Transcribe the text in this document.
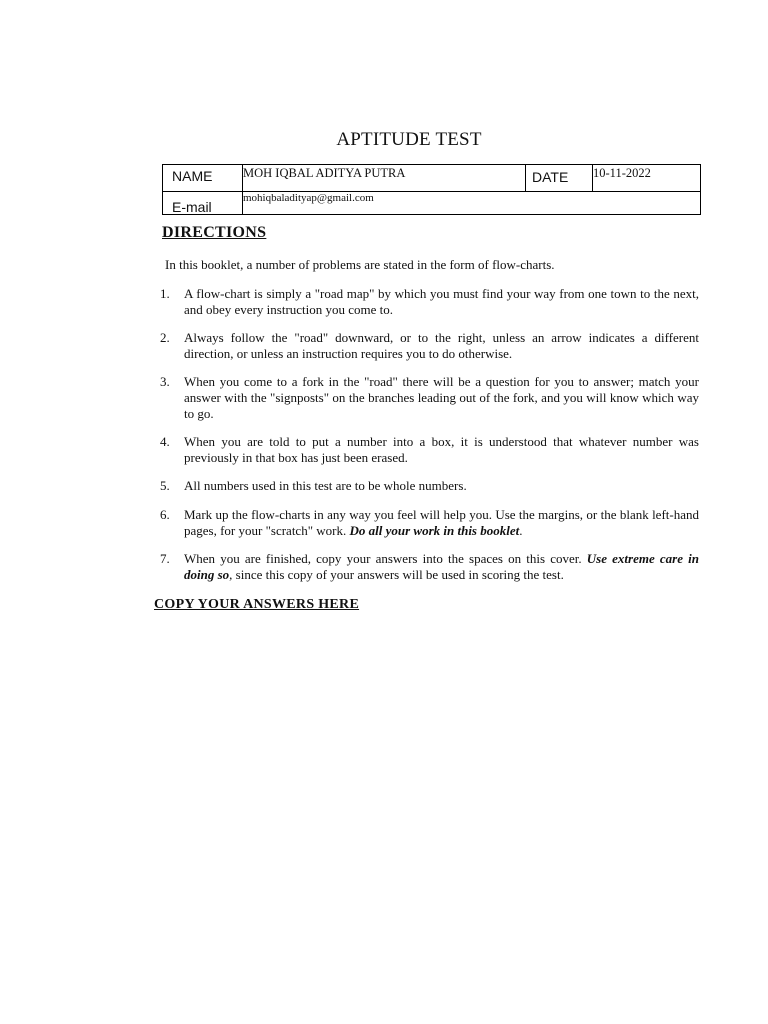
APTITUDE TEST
NAME MOH IQBAL ADITYA PUTRA	DATE 10-11-2022
E-mail
mohiqbaladityap@gmail.com
DIRECTIONS
In this booklet, a number of problems are stated in the form of flow-charts.
1. A flow-chart is simply a "road map" by which you must find your way from one town to the next, and obey every instruction you come to.
2. Always follow the "road" downward, or to the right, unless an arrow indicates a different direction, or unless an instruction requires you to do otherwise.
3. When you come to a fork in the "road" there will be a question for you to answer; match your answer with the "signposts" on the branches leading out of the fork, and you will know which way to go.
4. When you are told to put a number into a box, it is understood that whatever number was previously in that box has just been erased.
5. All numbers used in this test are to be whole numbers.
6. Mark up the flow-charts in any way you feel will help you. Use the margins, or the blank left-hand pages, for your "scratch" work. Do all your work in this booklet.
7. When you are finished, copy your answers into the spaces on this cover. Use extreme care in doing so, since this copy of your answers will be used in scoring the test.
COPY YOUR ANSWERS HERE
